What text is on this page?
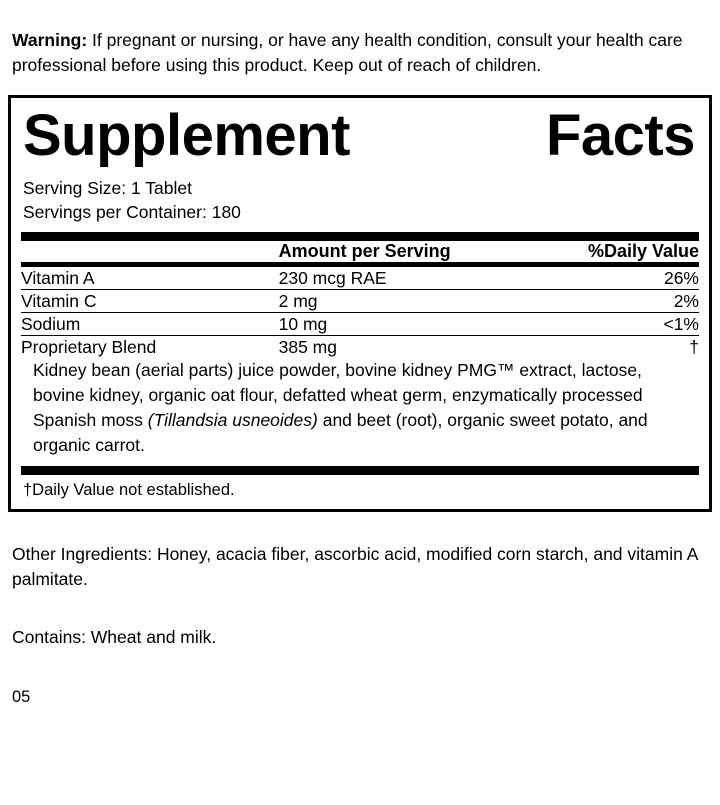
Warning: If pregnant or nursing, or have any health condition, consult your health care professional before using this product. Keep out of reach of children.

Supplement	Facts
Serving Size: 1 Tablet
Servings per Container: 180
	Amount per Serving	%Daily Value
Vitamin A	230 mcg RAE	26%
Vitamin C	2 mg	2%
Sodium	10 mg	<1%
Proprietary Blend	385 mg	†
Kidney bean (aerial parts) juice powder, bovine kidney PMG™ extract, lactose, bovine kidney, organic oat flour, defatted wheat germ, enzymatically processed Spanish moss (Tillandsia usneoides) and beet (root), organic sweet potato, and organic carrot.
†Daily Value not established.

Other Ingredients: Honey, acacia fiber, ascorbic acid, modified corn starch, and vitamin A palmitate.

Contains: Wheat and milk.

05
